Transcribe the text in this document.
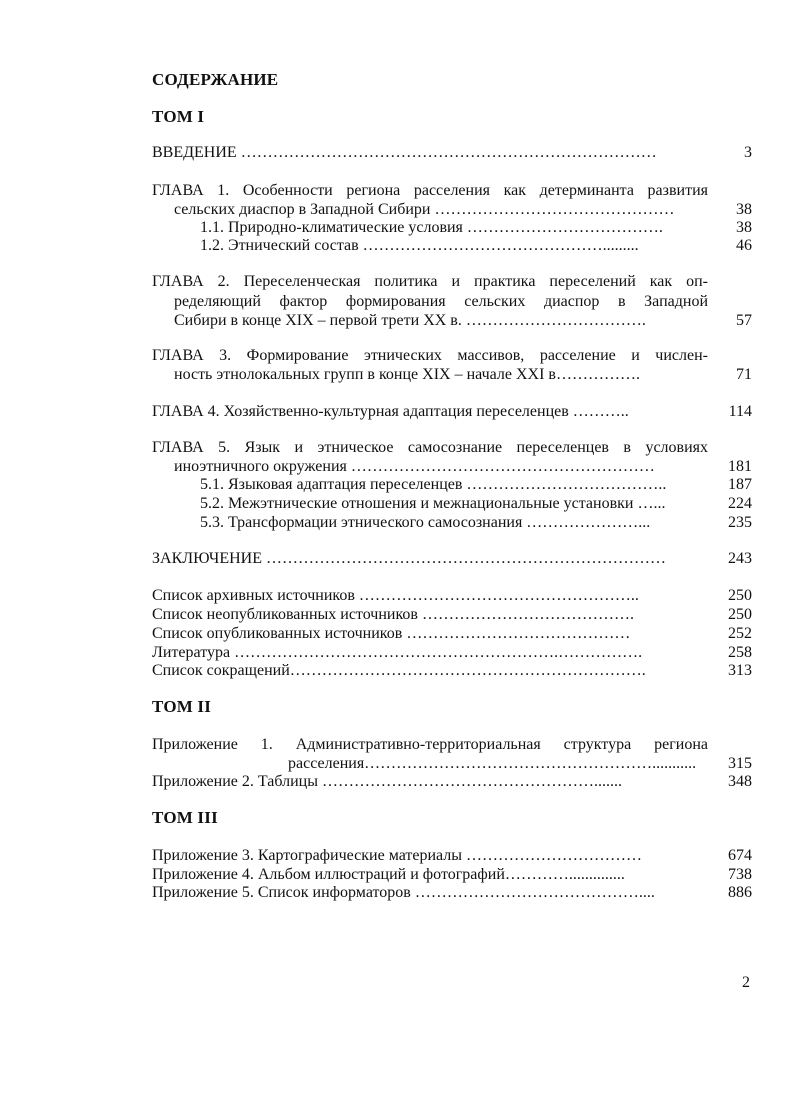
СОДЕРЖАНИЕ
ТОМ I
ВВЕДЕНИЕ ……………………………………………………………………	3
ГЛАВА 1. Особенности региона расселения как детерминанта развития
сельских диаспор в Западной Сибири ………………………………………	38
1.1. Природно-климатические условия ……………………………….	38
1.2. Этнический состав ……………………………………….........	46
ГЛАВА 2. Переселенческая политика и практика переселений как оп-
ределяющий фактор формирования сельских диаспор в Западной
Сибири в конце XIX – первой трети XX в. …………………………….	57
ГЛАВА 3. Формирование этнических массивов, расселение и числен-
ность этнолокальных групп в конце XIX – начале XXI в…………….	71
ГЛАВА 4. Хозяйственно-культурная адаптация переселенцев ………..	114
ГЛАВА 5. Язык и этническое самосознание переселенцев в условиях
иноэтничного окружения …………………………………………………	181
5.1. Языковая адаптация переселенцев ………………………………..	187
5.2. Межэтнические отношения и межнациональные установки …...	224
5.3. Трансформации этнического самосознания …………………...	235
ЗАКЛЮЧЕНИЕ …………………………………………………………………	243
Список архивных источников ……………………………………………..	250
Список неопубликованных источников ………………………………….	250
Список опубликованных источников ……………………………………	252
Литература …………………………………………………….…………….	258
Список сокращений………………………………………………………….	313
ТОМ II
Приложение 1. Административно-территориальная структура региона
расселения………………………………………………...........	315
Приложение 2. Таблицы …………………………………………….......	348
ТОМ III
Приложение 3. Картографические материалы ……………………………	674
Приложение 4. Альбом иллюстраций и фотографий…………..............	738
Приложение 5. Список информаторов ……………………………………....	886
2
